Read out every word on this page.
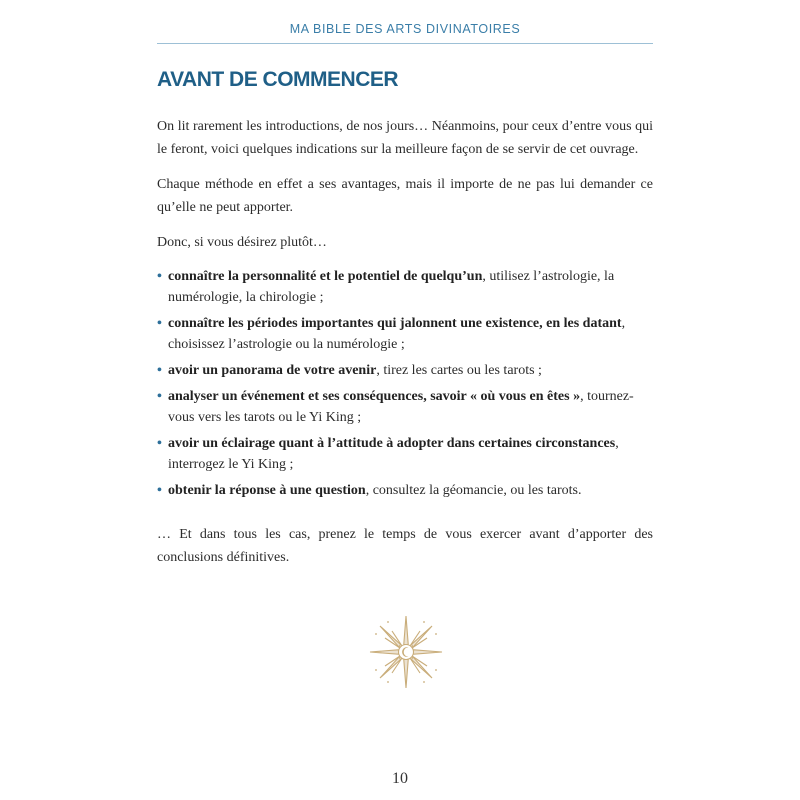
MA BIBLE DES ARTS DIVINATOIRES
AVANT DE COMMENCER

On lit rarement les introductions, de nos jours… Néanmoins, pour ceux d’entre vous qui le feront, voici quelques indications sur la meilleure façon de se servir de cet ouvrage.

Chaque méthode en effet a ses avantages, mais il importe de ne pas lui demander ce qu’elle ne peut apporter.

Donc, si vous désirez plutôt…

• connaître la personnalité et le potentiel de quelqu’un, utilisez l’astrologie, la numérologie, la chirologie ;
• connaître les périodes importantes qui jalonnent une existence, en les datant, choisissez l’astrologie ou la numérologie ;
• avoir un panorama de votre avenir, tirez les cartes ou les tarots ;
• analyser un événement et ses conséquences, savoir « où vous en êtes », tournez-vous vers les tarots ou le Yi King ;
• avoir un éclairage quant à l’attitude à adopter dans certaines circonstances, interrogez le Yi King ;
• obtenir la réponse à une question, consultez la géomancie, ou les tarots.

… Et dans tous les cas, prenez le temps de vous exercer avant d’apporter des conclusions définitives.

10
